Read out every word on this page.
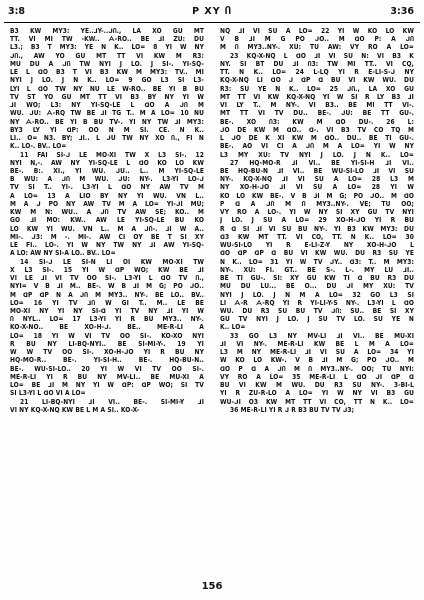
3:8	P XY Ⴖ	3:36

B3 KW MY3: YE..ᒧY-..ᒍႶ., LA XO GU MT

TT. VI MI TW -KW.. ᗋ-RO.. BE ᒧI ZU: DU

L3.; B3 T MY3: YE N K.. LO= 8 YI W NY

ᒍႶ., AW YO GU MT TT VI KW M R3:

MU DU A ᒍႶ TW NYI J LO. J SI-. YI-SQ-

LE L ᗡO B3 T VI B3 KW M MY3: TV.. MI

NYI J LO. J N K.. LO= 9 GO L3 SI L3-

LYI L ᗡO TW NY NU LE W-RO.. BE YI B BU

TV ST YO GU MT TT VI B3 BY NY YI W

ᒧI WO; L3: NY YI-SQ-LE L ᗡO A ᒍႶ M

WU. ᒍU: ᗋ-RQ TW BE ᒧI TG T.. M A LO= 10 NU

NY ᗋ-RO.. BE YI B BU TV-. YI NY TW ᒧI MY3:

BY3 LY YI ᗡP: OO N M SI. CE. N K..

LI.. O= N3. BY; ᒧI.. L ᒍU TW NY XO Ⴖ., FI N

K.. LO-. BV.. LO=

11 FAI SI-ᒍ LE MO-XI TW X L3 SI-. 12

NYI N,-. AW NY YI-SQ-LE L ᗡO KO LO KW

BE-. B:. XI., YI WU. ᒍU.. L.. M YI-SQ-LE

B WU: A ᒍႶ M WU. ᒍU: NY-. L3-YI LO-ᒍ

TV SI T.. YI-. L3-YI L ᗡO NY AW TV M

A LO= 13 A LIO BY NY YI WU. VN L..

M A ᒍ PO NY AW TV M A LO= YI-ᒍI MŪ;

KW M N: WU.. A ᒍႶ TV AW SE; KO.. M

GO ᒧI MO: KW.. AW LE YI-SQ-LE BU KO

LO KW YI WU. VN L.. M A ᒍႶ-. ᒧI W A..

MI-. ᒍ3: M -. MI-. AW CI OY BE T SI XY

LE FI.. LO-. YI W NY TW NY ᒧI AW YI-SQ-

A LO: AW NY SI-A LO.. BV.. LO=

14 SI-ᒍ LE SI-N LI OI KW MO-XI TW

X L3 SI-. 15 YI W ᗡP WO; KW BE ᒧI

VI LE ᒧI VI TV OO SI-. L3-YI L ᗡO TV Ⴖ.,

NYI= V B ᒧI M.. BE-. W B ᒧI M G; PO ᒍO..

M ᗡP ᗡP N A ᒍႶ M MY3.. NY-. BE LO.. BV..

LO= 16 YI TV ᒧႶ W GI T.. M.. LE BE

MO-XI NY YI NY SI-ᗡ YI TV NY ᒧI YI W

Ⴖ NYL.. LO= 17 L3-YI YI R BU MY3.. NY-.

KO-X-NO.. BE XO-H-ᒍ. BE.. ME-R-LI A

LO= 18 YI W VI TV OO SI-. KO-XO NYI

R BU NY LI-BQ-NYI.. BE SI-MI-Y-. 19 YI

W W TV OO SI-. XO-H-ᒍO YI R BU NY

HQ-MO-R.. BE-. YI-SI-H.. BE-. HQ-BU-N..

BE-. WU-SI-LO.. 20 YI W VI TV OO SI-.

ME-R-LI YI R BU NY MV-LI.. BE MU-XI A

LO= BE ᒧI M NY YI W ᗡP: ᗡP WO; SI TV

SI L3-YI L ᗡO VI A LO=

21 LI-BQ-NYI ᒧI VI.. BE-. SI-MI-Y ᒧI

VI NY KQ-X-NQ KW BE L M A SI.. KO-X-

NQ ᒧI VI SU A LO= 22 YI W KO LO KW

V B ᒧI M G PO ᒍO.. M ᗡO P: A ᒍႶ

M Ⴖ MY3..NY-. XŪ: TU AW: VY RO A LO=

23 KQ-X-NQ L ᗡO ᒧI VI SU N: VI B3 K

NY. SI BT DU ᒧI Ⴖ3: TW MI TT.. VI CQ,

TT. N K.. LO= 24 L-LQ YI R E-LI-S-ᒍ NY

KQ-X-NQ LI ᗡO ᒍ ᗡP ᗡ BU VI KW WU. DU

R3: SU YE N K.. LO= 25 ᒍႶ., LA XO GU

MT TT VI KW KQ-X-NQ YI W SI R LY B3 ᒧI

VI LY T.. M NY-. VI B3.. BE MI TT VI-.

MT TT VI TV DU.. BE-. ᒍU: BE TT GU-.

BE-. XO Ⴖ3: KW M ᗡO DU-. 26 L:

ᒍO DE KW M ᗡO.. ᗡ-. VI B3 TV CO TQ M

L ᒍO DE K XI KW M ᗡO.. DU.. BE TI GU-.

BE-. AO VI CI A ᒍႶ M A LO= YI W NY

L3 MY XŪ: TV NYI J LO. J N K.. LO=

27 HQ-MO-R ᒧI VI.. BE YI-SI-H ᒧI VI..

BE HQ-BU-N ᒧI VI.. BE WU-SI-LO ᒧI VI SU

NY-. KQ-X-NQ ᒧI VI SU A LO= 28 L3 M

NY XO-H-ᒍO ᒧI VI SU A LO= 28 YI W

KO LO KW BE-. V B ᒧI M G; PO ᒍO.. M ᗡO

P ᗡ A ᒍႶ M Ⴖ MY3..NY-. VE; TU OO;

VY RO A LO-. YI W NY SI XY GU TV NYI

J LO. J SU A LO= 29 XO-H-ᒍO YI R BU

R ᗡ SI ᒧI VI SU BU NY-. YI B3 KW MY3: DU

ᗡ3 KW MT TT. VI CO, TT. N K.. LO= 30

WU-SI-LO YI R E-LI-Z-Y NY XO-H-ᒍO L

ᗡO ᗡP ᗡP ᗡ BU VI KW WU. DU R3 SU YE

N K.. LO= 31 YI W TV ᒍY.. ᗡ3: T.. M MY3:

NY-. XŪ: FI. GT.. BE S-. L-. MY LU ᒧI..

BE TI GU-. SI: XY GU KW TI ᗡ BU R3 DU

MU DU LU... BE O... DU ᒍI MY XŪ: TV

NYI J LO. J N M A LO= 32 GO L3 SI

LI ᗋ-R ᗋ-RQ YI R YI-LI-Y-S NY-. L3-YI L ᗡO

WU. DU R3 SU BU TV ᒍႶ: SU.. BE SI XY

GU TV NYI J LO. J SU TV LO. SU YE N

K.. LO=

33 GO L3 NY MV-LI ᒧI VI.. BE MU-XI

ᒧI VI NY-. ME-R-LI KW BE L M A LO=

L3 M NY ME-R-LI ᒧI VI SU A LO= 34 YI

W KO LO KW-. V B ᒧI M G; PO ᒍO.. M

ᗡO P ᗡ A ᒍႶ M Ⴖ MY3..NY-. OO; TU NYI:

VY RO A LO= 35 ME-R-LI L ᗡO ᒍI ᗡP ᗡ

BU VI KW M WU. DU R3 SU NY-. 3-BI-L

YI R ZU-R-LO A LO= YI W NY VI B3 GU

WU-ᒍI O3 KW MT TT VI CO, TT N K.. LO=

36 ME-R-LI YI R ᒍ R B3 BU TV TV ᒍ3;

156
